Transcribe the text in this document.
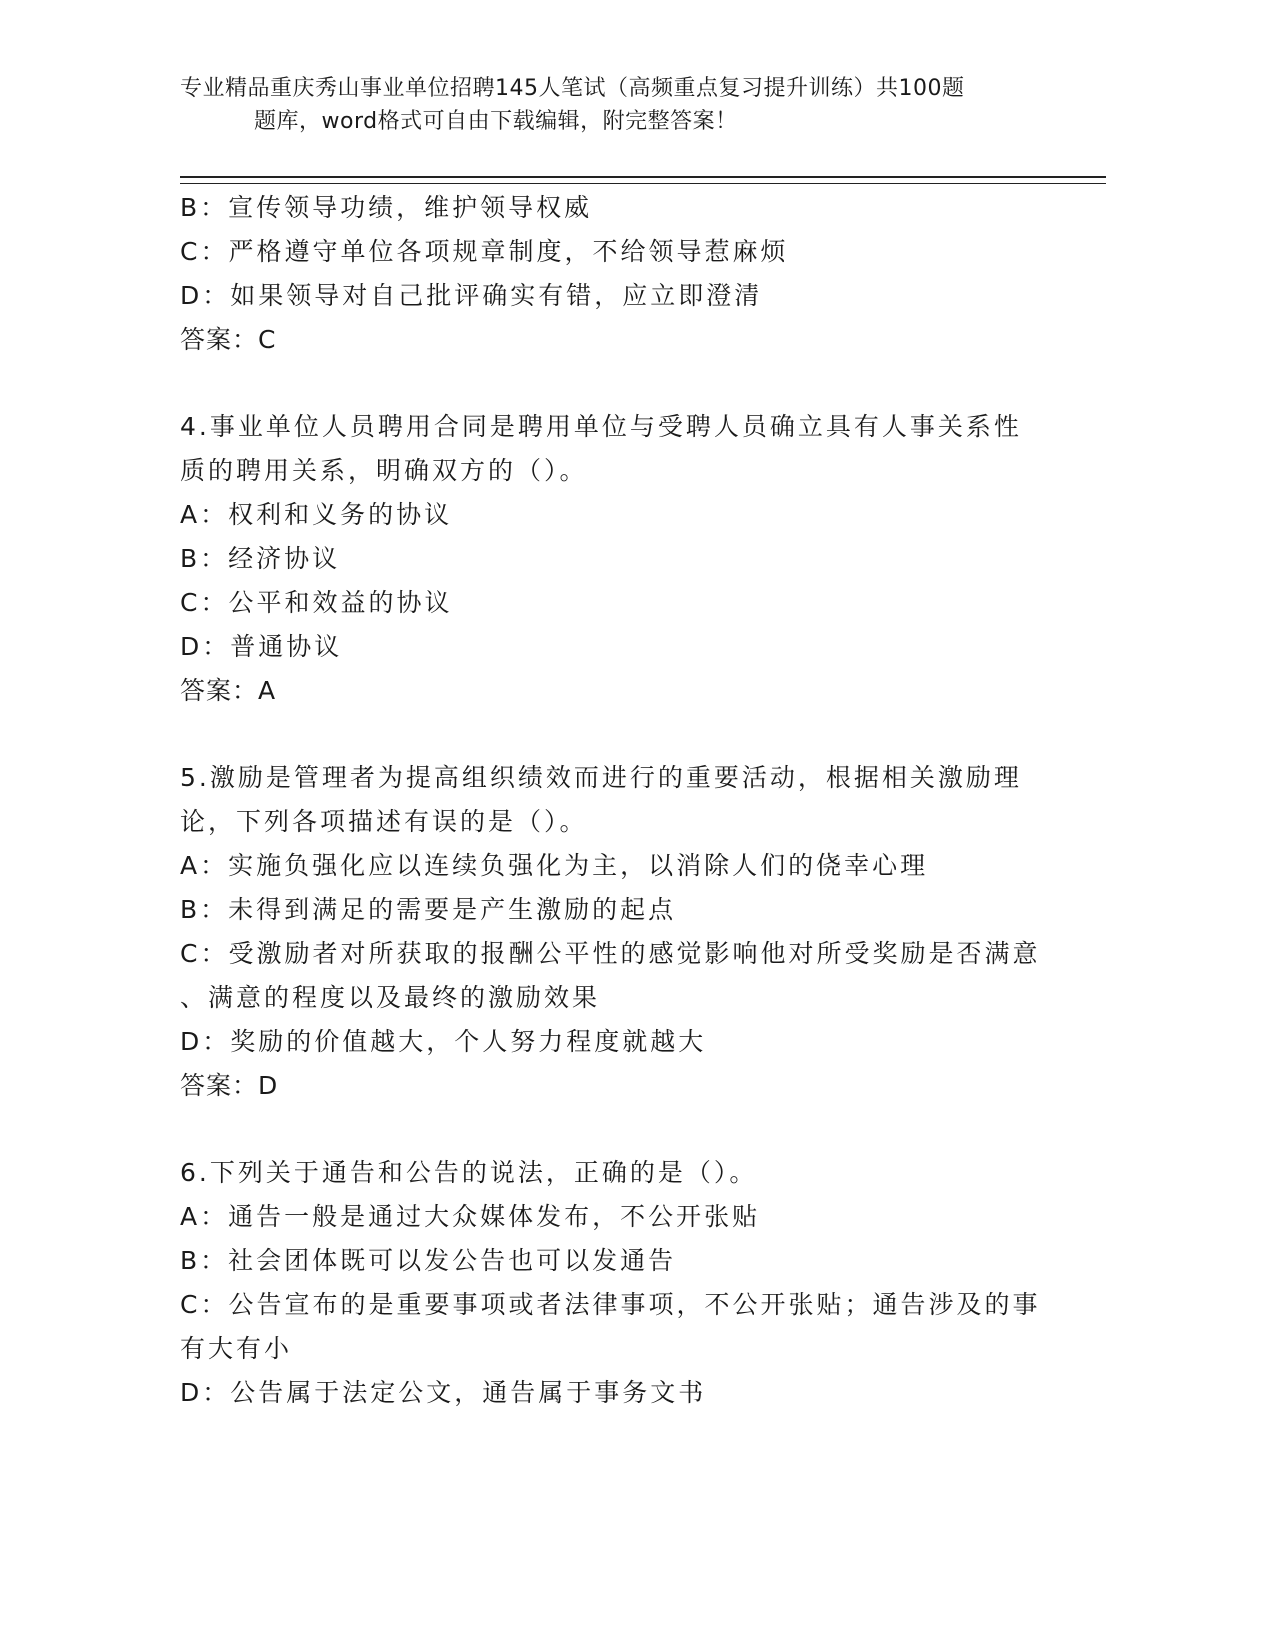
专业精品重庆秀山事业单位招聘145人笔试（高频重点复习提升训练）共100题
题库，word格式可自由下载编辑，附完整答案！
B：宣传领导功绩，维护领导权威
C：严格遵守单位各项规章制度，不给领导惹麻烦
D：如果领导对自己批评确实有错，应立即澄清
答案：C
4.事业单位人员聘用合同是聘用单位与受聘人员确立具有人事关系性
质的聘用关系，明确双方的（）。
A：权利和义务的协议
B：经济协议
C：公平和效益的协议
D：普通协议
答案：A
5.激励是管理者为提高组织绩效而进行的重要活动，根据相关激励理
论，下列各项描述有误的是（）。
A：实施负强化应以连续负强化为主，以消除人们的侥幸心理
B：未得到满足的需要是产生激励的起点
C：受激励者对所获取的报酬公平性的感觉影响他对所受奖励是否满意
、满意的程度以及最终的激励效果
D：奖励的价值越大，个人努力程度就越大
答案：D
6.下列关于通告和公告的说法，正确的是（）。
A：通告一般是通过大众媒体发布，不公开张贴
B：社会团体既可以发公告也可以发通告
C：公告宣布的是重要事项或者法律事项，不公开张贴；通告涉及的事
有大有小
D：公告属于法定公文，通告属于事务文书
